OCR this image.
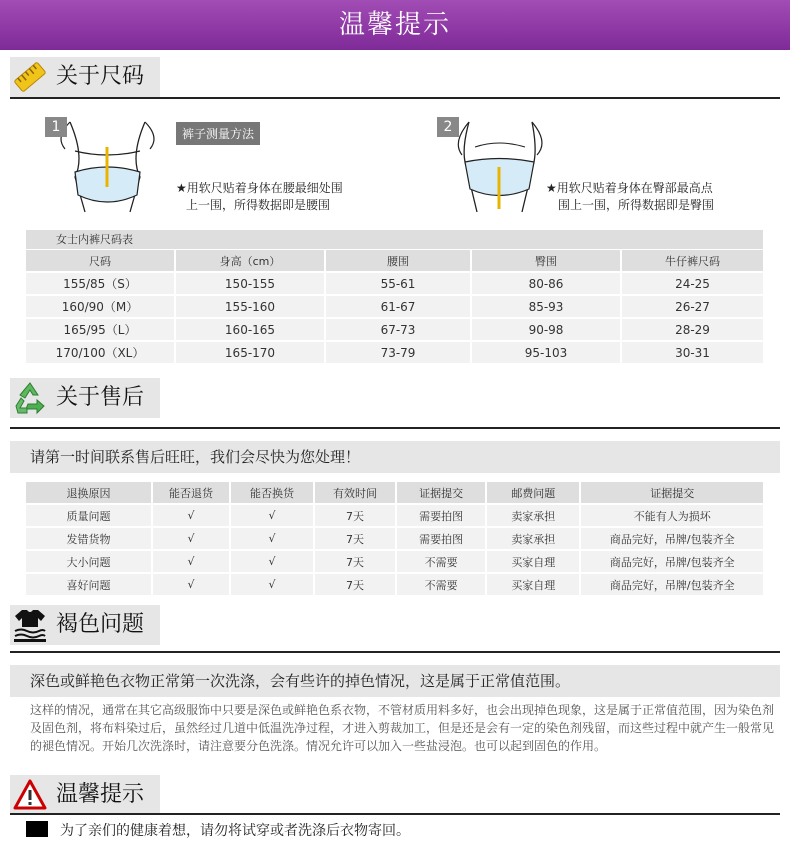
温馨提示
关于尺码
1	裤子测量方法
★用软尺贴着身体在腰最细处围
上一围，所得数据即是腰围
2
★用软尺贴着身体在臀部最高点
围上一围，所得数据即是臀围
女士内裤尺码表
尺码	身高（cm）	腰围	臀围	牛仔裤尺码
155/85（S）	150-155	55-61	80-86	24-25
160/90（M）	155-160	61-67	85-93	26-27
165/95（L）	160-165	67-73	90-98	28-29
170/100（XL）	165-170	73-79	95-103	30-31
关于售后
请第一时间联系售后旺旺，我们会尽快为您处理！
退换原因	能否退货	能否换货	有效时间	证据提交	邮费问题	证据提交
质量问题	√	√	7天	需要拍图	卖家承担	不能有人为损坏
发错货物	√	√	7天	需要拍图	卖家承担	商品完好，吊牌/包装齐全
大小问题	√	√	7天	不需要	买家自理	商品完好，吊牌/包装齐全
喜好问题	√	√	7天	不需要	买家自理	商品完好，吊牌/包装齐全
褐色问题
深色或鲜艳色衣物正常第一次洗涤，会有些许的掉色情况，这是属于正常值范围。
这样的情况，通常在其它高级服饰中只要是深色或鲜艳色系衣物，不管材质用料多好，也会出现掉色现象，这是属于正常值范围，因为染色剂及固色剂，将布料染过后，虽然经过几道中低温洗净过程，才进入剪裁加工，但是还是会有一定的染色剂残留，而这些过程中就产生一般常见的褪色情况。开始几次洗涤时，请注意要分色洗涤。情况允许可以加入一些盐浸泡。也可以起到固色的作用。
温馨提示
为了亲们的健康着想，请勿将试穿或者洗涤后衣物寄回。
